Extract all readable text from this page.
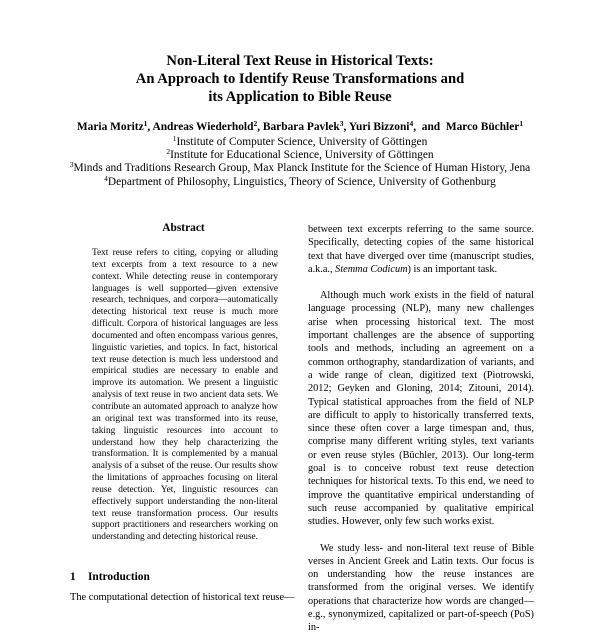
Non-Literal Text Reuse in Historical Texts:
An Approach to Identify Reuse Transformations and
its Application to Bible Reuse
Maria Moritz$^1$, Andreas Wiederhold$^2$, Barbara Pavlek$^3$, Yuri Bizzoni$^4$,  and  Marco Büchler$^1$
$^1$Institute of Computer Science, University of Göttingen
$^2$Institute for Educational Science, University of Göttingen
$^3$Minds and Traditions Research Group, Max Planck Institute for the Science of Human History, Jena
$^4$Department of Philosophy, Linguistics, Theory of Science, University of Gothenburg
Abstract
Text reuse refers to citing, copying or alluding text excerpts from a text resource to a new context. While detecting reuse in contemporary languages is well supported—given extensive research, techniques, and corpora—automatically detecting historical text reuse is much more difficult. Corpora of historical languages are less documented and often encompass various genres, linguistic varieties, and topics. In fact, historical text reuse detection is much less understood and empirical studies are necessary to enable and improve its automation. We present a linguistic analysis of text reuse in two ancient data sets. We contribute an automated approach to analyze how an original text was transformed into its reuse, taking linguistic resources into account to understand how they help characterizing the transformation. It is complemented by a manual analysis of a subset of the reuse. Our results show the limitations of approaches focusing on literal reuse detection. Yet, linguistic resources can effectively support understanding the non-literal text reuse transformation process. Our results support practitioners and researchers working on understanding and detecting historical reuse.
1 Introduction
The computational detection of historical text reuse—

between text excerpts referring to the same source. Specifically, detecting copies of the same historical text that have diverged over time (manuscript studies, a.k.a., Stemma Codicum) is an important task.

Although much work exists in the field of natural language processing (NLP), many new challenges arise when processing historical text. The most important challenges are the absence of supporting tools and methods, including an agreement on a common orthography, standardization of variants, and a wide range of clean, digitized text (Piotrowski, 2012; Geyken and Gloning, 2014; Zitouni, 2014). Typical statistical approaches from the field of NLP are difficult to apply to historically transferred texts, since these often cover a large timespan and, thus, comprise many different writing styles, text variants or even reuse styles (Büchler, 2013). Our long-term goal is to conceive robust text reuse detection techniques for historical texts. To this end, we need to improve the quantitative empirical understanding of such reuse accompanied by qualitative empirical studies. However, only few such works exist.

We study less- and non-literal text reuse of Bible verses in Ancient Greek and Latin texts. Our focus is on understanding how the reuse instances are transformed from the original verses. We identify operations that characterize how words are changed—e.g., synonymized, capitalized or part-of-speech (PoS) in-
